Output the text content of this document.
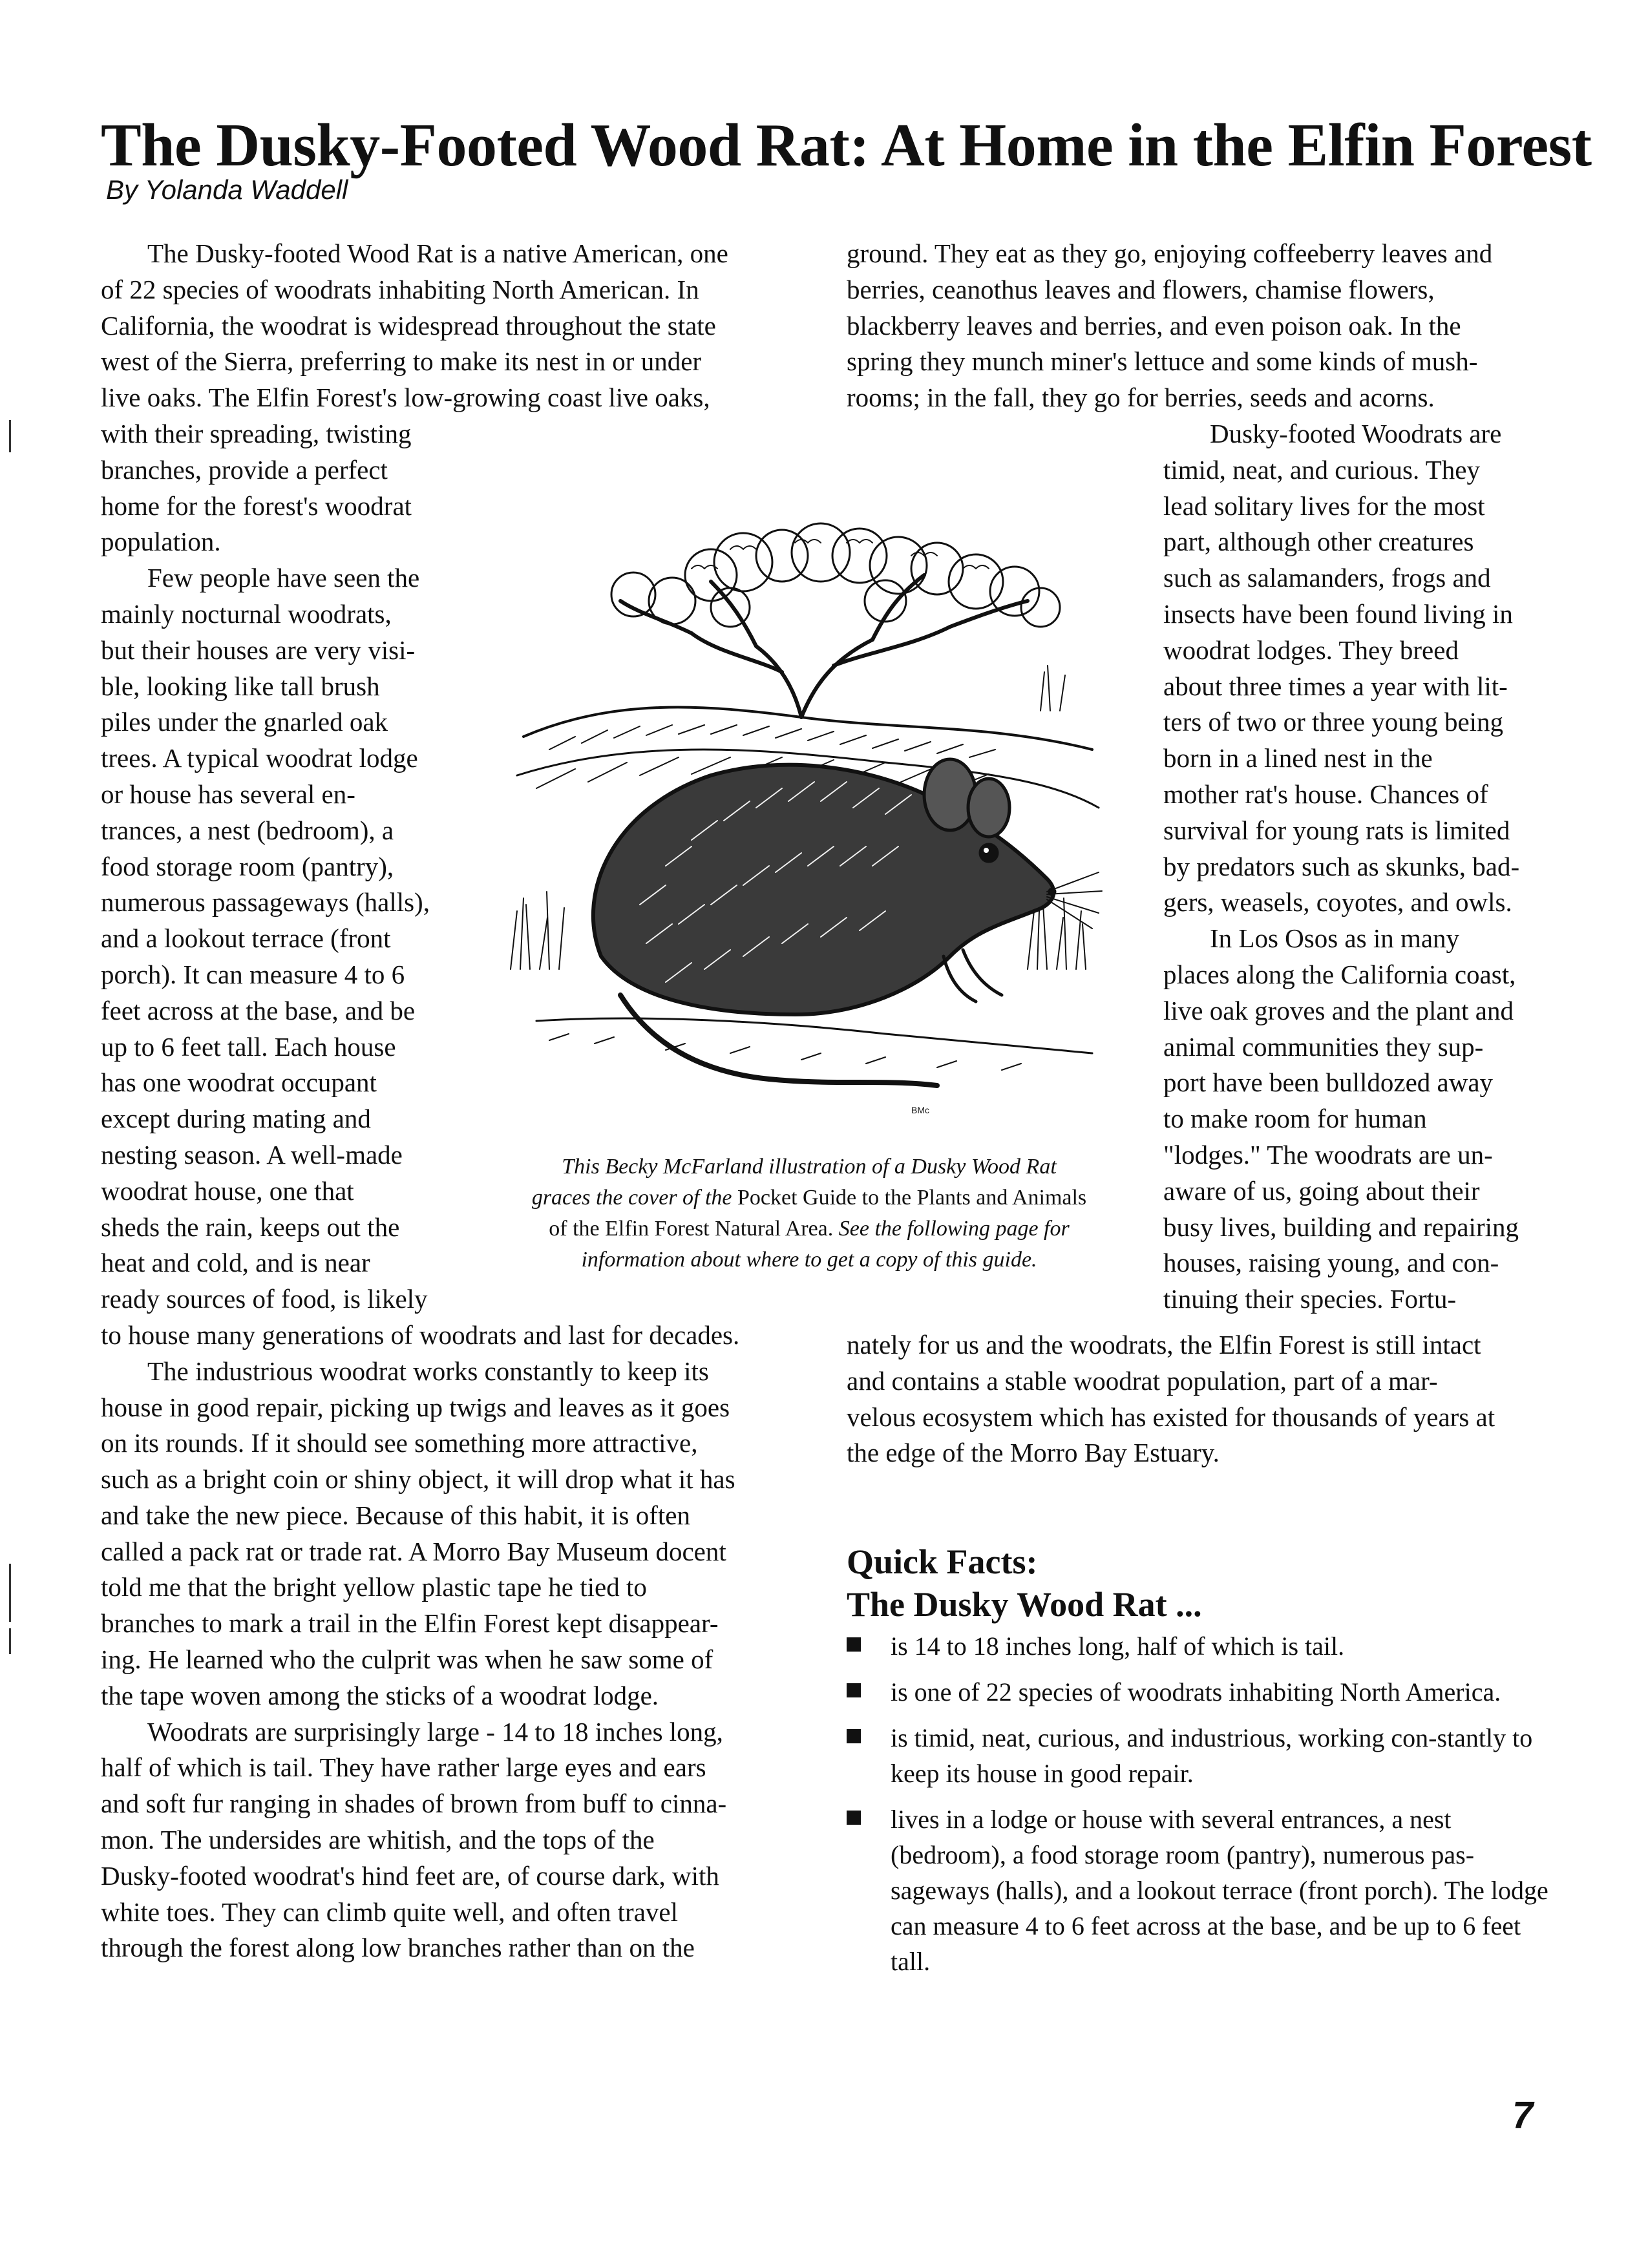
The Dusky-Footed Wood Rat: At Home in the Elfin Forest
By Yolanda Waddell
The Dusky-footed Wood Rat is a native American, one
of 22 species of woodrats inhabiting North American. In
California, the woodrat is widespread throughout the state
west of the Sierra, preferring to make its nest in or under
live oaks. The Elfin Forest's low-growing coast live oaks,
with their spreading, twisting
branches, provide a perfect
home for the forest's woodrat
population.
Few people have seen the
mainly nocturnal woodrats,
but their houses are very visi-
ble, looking like tall brush
piles under the gnarled oak
trees. A typical woodrat lodge
or house has several en-
trances, a nest (bedroom), a
food storage room (pantry),
numerous passageways (halls),
and a lookout terrace (front
porch). It can measure 4 to 6
feet across at the base, and be
up to 6 feet tall. Each house
has one woodrat occupant
except during mating and
nesting season. A well-made
woodrat house, one that
sheds the rain, keeps out the
heat and cold, and is near
ready sources of food, is likely
to house many generations of woodrats and last for decades.
The industrious woodrat works constantly to keep its
house in good repair, picking up twigs and leaves as it goes
on its rounds. If it should see something more attractive,
such as a bright coin or shiny object, it will drop what it has
and take the new piece. Because of this habit, it is often
called a pack rat or trade rat. A Morro Bay Museum docent
told me that the bright yellow plastic tape he tied to
branches to mark a trail in the Elfin Forest kept disappear-
ing. He learned who the culprit was when he saw some of
the tape woven among the sticks of a woodrat lodge.
Woodrats are surprisingly large - 14 to 18 inches long,
half of which is tail. They have rather large eyes and ears
and soft fur ranging in shades of brown from buff to cinna-
mon. The undersides are whitish, and the tops of the
Dusky-footed woodrat's hind feet are, of course dark, with
white toes. They can climb quite well, and often travel
through the forest along low branches rather than on the
ground. They eat as they go, enjoying coffeeberry leaves and
berries, ceanothus leaves and flowers, chamise flowers,
blackberry leaves and berries, and even poison oak. In the
spring they munch miner's lettuce and some kinds of mush-
rooms; in the fall, they go for berries, seeds and acorns.
Dusky-footed Woodrats are
timid, neat, and curious. They
lead solitary lives for the most
part, although other creatures
such as salamanders, frogs and
insects have been found living in
woodrat lodges. They breed
about three times a year with lit-
ters of two or three young being
born in a lined nest in the
mother rat's house. Chances of
survival for young rats is limited
by predators such as skunks, bad-
gers, weasels, coyotes, and owls.
In Los Osos as in many
places along the California coast,
live oak groves and the plant and
animal communities they sup-
port have been bulldozed away
to make room for human
"lodges." The woodrats are un-
aware of us, going about their
busy lives, building and repairing
houses, raising young, and con-
tinuing their species. Fortu-
nately for us and the woodrats, the Elfin Forest is still intact
and contains a stable woodrat population, part of a mar-
velous ecosystem which has existed for thousands of years at
the edge of the Morro Bay Estuary.
BMc
This Becky McFarland illustration of a Dusky Wood Rat
graces the cover of the Pocket Guide to the Plants and Animals
of the Elfin Forest Natural Area. See the following page for
information about where to get a copy of this guide.
Quick Facts:
The Dusky Wood Rat ...
is 14 to 18 inches long, half of which is tail.
is one of 22 species of woodrats inhabiting North America.
is timid, neat, curious, and industrious, working con-stantly to keep its house in good repair.
lives in a lodge or house with several entrances, a nest (bedroom), a food storage room (pantry), numerous pas-sageways (halls), and a lookout terrace (front porch). The lodge can measure 4 to 6 feet across at the base, and be up to 6 feet tall.
7
